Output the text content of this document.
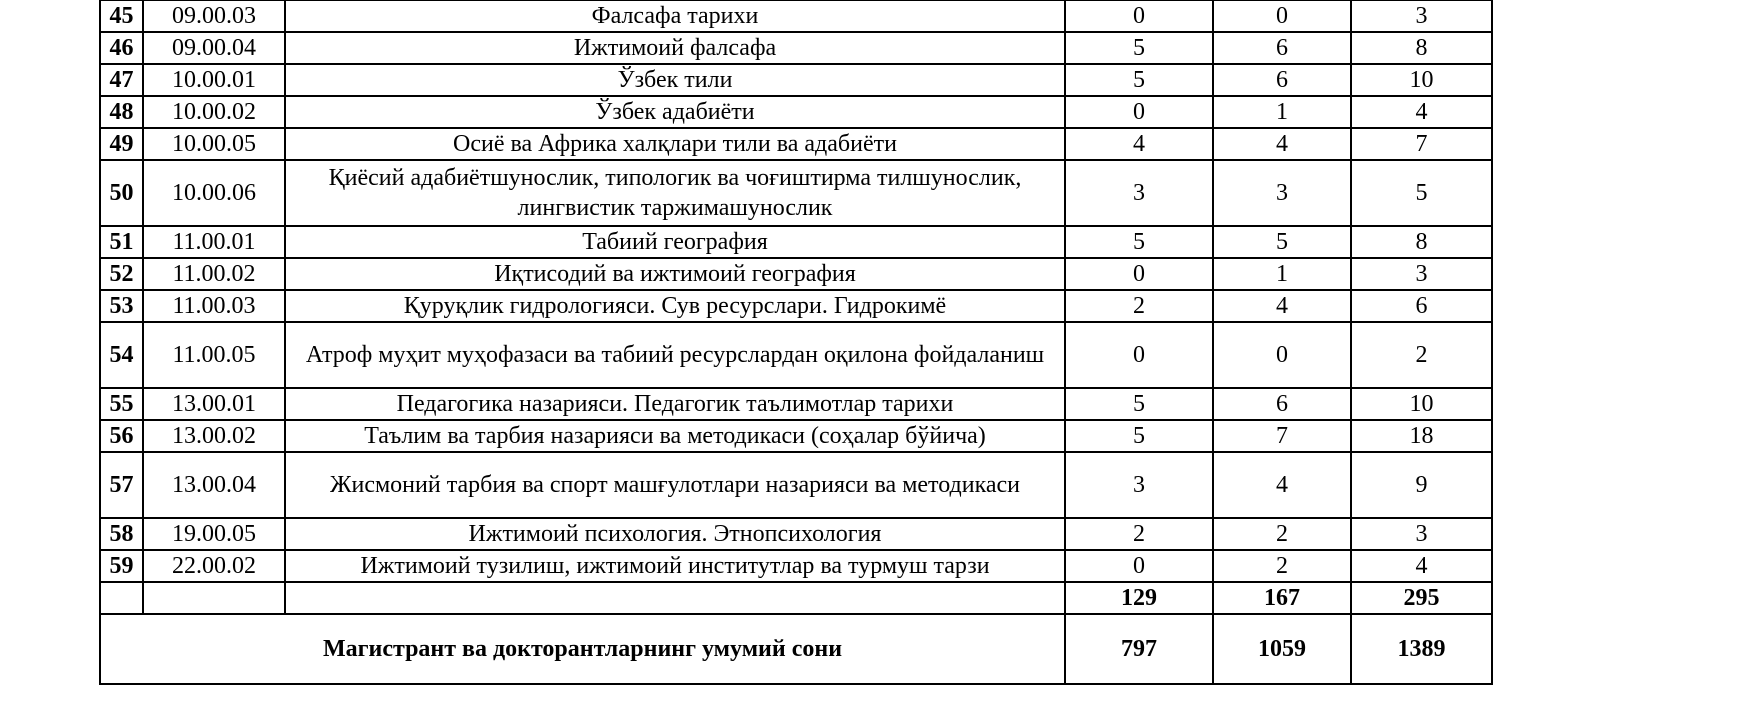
45	09.00.03	Фалсафа тарихи	0	0	3
46	09.00.04	Ижтимоий фалсафа	5	6	8
47	10.00.01	Ўзбек тили	5	6	10
48	10.00.02	Ўзбек адабиёти	0	1	4
49	10.00.05	Осиё ва Африка халқлари тили ва адабиёти	4	4	7
50	10.00.06	Қиёсий адабиётшунослик, типологик ва чоғиштирма тилшунослик, лингвистик таржимашунослик	3	3	5
51	11.00.01	Табиий география	5	5	8
52	11.00.02	Иқтисодий ва ижтимоий география	0	1	3
53	11.00.03	Қуруқлик гидрологияси. Сув ресурслари. Гидрокимё	2	4	6
54	11.00.05	Атроф муҳит муҳофазаси ва табиий ресурслардан оқилона фойдаланиш	0	0	2
55	13.00.01	Педагогика назарияси. Педагогик таълимотлар тарихи	5	6	10
56	13.00.02	Таълим ва тарбия назарияси ва методикаси (соҳалар бўйича)	5	7	18
57	13.00.04	Жисмоний тарбия ва спорт машғулотлари назарияси ва методикаси	3	4	9
58	19.00.05	Ижтимоий психология. Этнопсихология	2	2	3
59	22.00.02	Ижтимоий тузилиш, ижтимоий институтлар ва турмуш тарзи	0	2	4
			129	167	295
Магистрант ва докторантларнинг умумий сони			797	1059	1389
